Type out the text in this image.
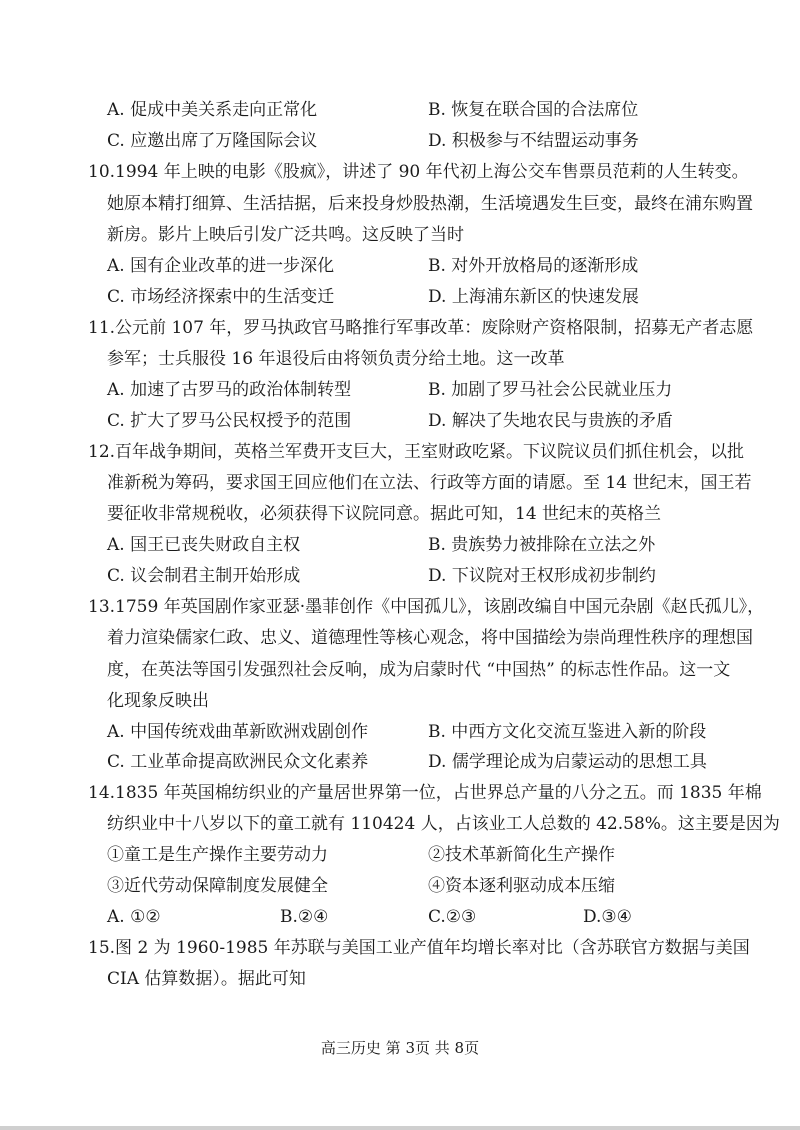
A. 促成中美关系走向正常化	B. 恢复在联合国的合法席位
C. 应邀出席了万隆国际会议	D. 积极参与不结盟运动事务
10.1994 年上映的电影《股疯》，讲述了 90 年代初上海公交车售票员范莉的人生转变。
她原本精打细算、生活拮据，后来投身炒股热潮，生活境遇发生巨变，最终在浦东购置
新房。影片上映后引发广泛共鸣。这反映了当时
A. 国有企业改革的进一步深化	B. 对外开放格局的逐渐形成
C. 市场经济探索中的生活变迁	D. 上海浦东新区的快速发展
11.公元前 107 年，罗马执政官马略推行军事改革：废除财产资格限制，招募无产者志愿
参军；士兵服役 16 年退役后由将领负责分给土地。这一改革
A. 加速了古罗马的政治体制转型	B. 加剧了罗马社会公民就业压力
C. 扩大了罗马公民权授予的范围	D. 解决了失地农民与贵族的矛盾
12.百年战争期间，英格兰军费开支巨大，王室财政吃紧。下议院议员们抓住机会，以批
准新税为筹码，要求国王回应他们在立法、行政等方面的请愿。至 14 世纪末，国王若
要征收非常规税收，必须获得下议院同意。据此可知，14 世纪末的英格兰
A. 国王已丧失财政自主权	B. 贵族势力被排除在立法之外
C. 议会制君主制开始形成	D. 下议院对王权形成初步制约
13.1759 年英国剧作家亚瑟·墨菲创作《中国孤儿》，该剧改编自中国元杂剧《赵氏孤儿》，
着力渲染儒家仁政、忠义、道德理性等核心观念，将中国描绘为崇尚理性秩序的理想国
度，在英法等国引发强烈社会反响，成为启蒙时代 “中国热” 的标志性作品。这一文
化现象反映出
A. 中国传统戏曲革新欧洲戏剧创作	B. 中西方文化交流互鉴进入新的阶段
C. 工业革命提高欧洲民众文化素养	D. 儒学理论成为启蒙运动的思想工具
14.1835 年英国棉纺织业的产量居世界第一位，占世界总产量的八分之五。而 1835 年棉
纺织业中十八岁以下的童工就有 110424 人，占该业工人总数的 42.58%。这主要是因为
①童工是生产操作主要劳动力	②技术革新简化生产操作
③近代劳动保障制度发展健全	④资本逐利驱动成本压缩
A. ①②	B.②④	C.②③	D.③④
15.图 2 为 1960-1985 年苏联与美国工业产值年均增长率对比（含苏联官方数据与美国
CIA 估算数据）。据此可知
高三历史 第 3页 共 8页
